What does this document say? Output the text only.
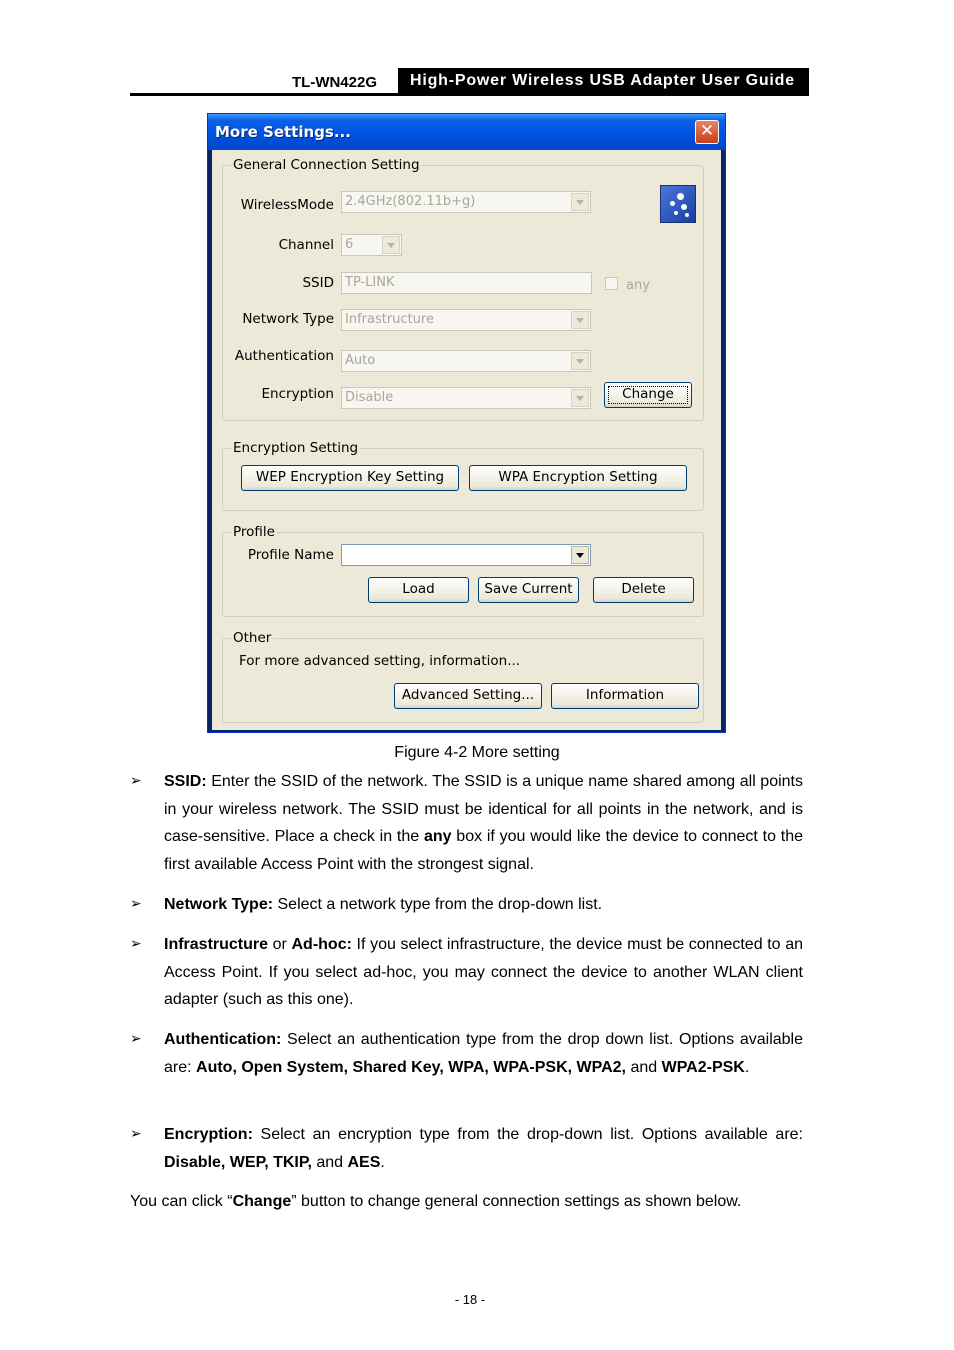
TL-WN422G	High-Power Wireless USB Adapter User Guide
More Settings...	✕
General Connection Setting
WirelessMode 2.4GHz(802.11b+g)
Channel 6
SSID TP-LINK	any
Network Type Infrastructure
Authentication Auto
Encryption Disable	Change
Encryption Setting
WEP Encryption Key Setting	WPA Encryption Setting
Profile
Profile Name
Load	Save Current	Delete
Other
For more advanced setting, information...
Advanced Setting...	Information
Figure 4-2 More setting
➢ SSID: Enter the SSID of the network. The SSID is a unique name shared among all points in your wireless network. The SSID must be identical for all points in the network, and is case-sensitive. Place a check in the any box if you would like the device to connect to the first available Access Point with the strongest signal.
➢ Network Type: Select a network type from the drop-down list.
➢ Infrastructure or Ad-hoc: If you select infrastructure, the device must be connected to an Access Point. If you select ad-hoc, you may connect the device to another WLAN client adapter (such as this one).
➢ Authentication: Select an authentication type from the drop down list. Options available are: Auto, Open System, Shared Key, WPA, WPA-PSK, WPA2, and WPA2-PSK.
➢ Encryption: Select an encryption type from the drop-down list. Options available are: Disable, WEP, TKIP, and AES.
You can click “Change” button to change general connection settings as shown below.
- 18 -
